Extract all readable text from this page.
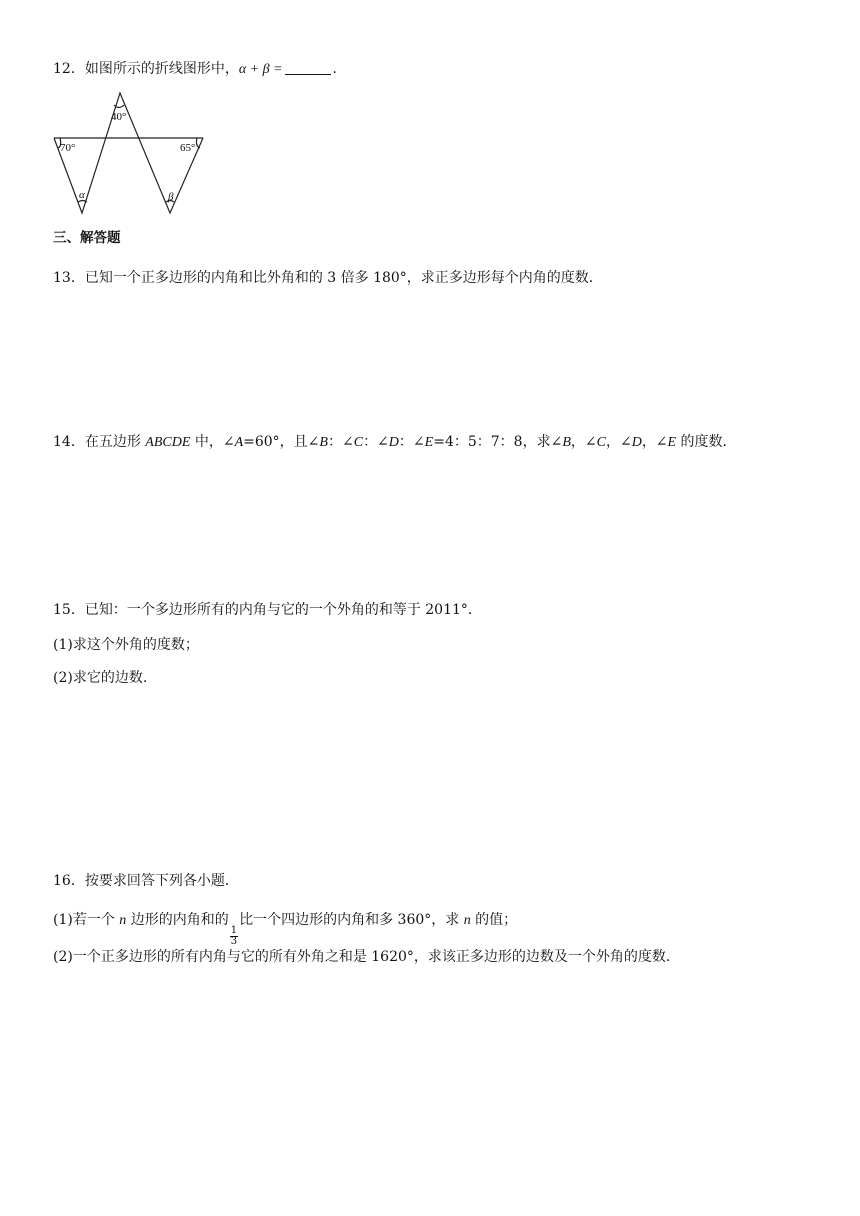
12．如图所示的折线图形中，α + β =	．
40°
70°	65°
α	β
三、解答题
13．已知一个正多边形的内角和比外角和的 3 倍多 180°，求正多边形每个内角的度数．
14．在五边形 ABCDE 中，∠A=60°，且∠B：∠C：∠D：∠E=4：5：7：8，求∠B，∠C，∠D，∠E 的度数．
15．已知：一个多边形所有的内角与它的一个外角的和等于 2011°．
(1)求这个外角的度数；
(2)求它的边数.
16．按要求回答下列各小题．
(1)若一个 n 边形的内角和的
$\frac{1}{3}$
比一个四边形的内角和多 360°，求 n 的值；
(2)一个正多边形的所有内角与它的所有外角之和是 1620°，求该正多边形的边数及一个外角的度数．
